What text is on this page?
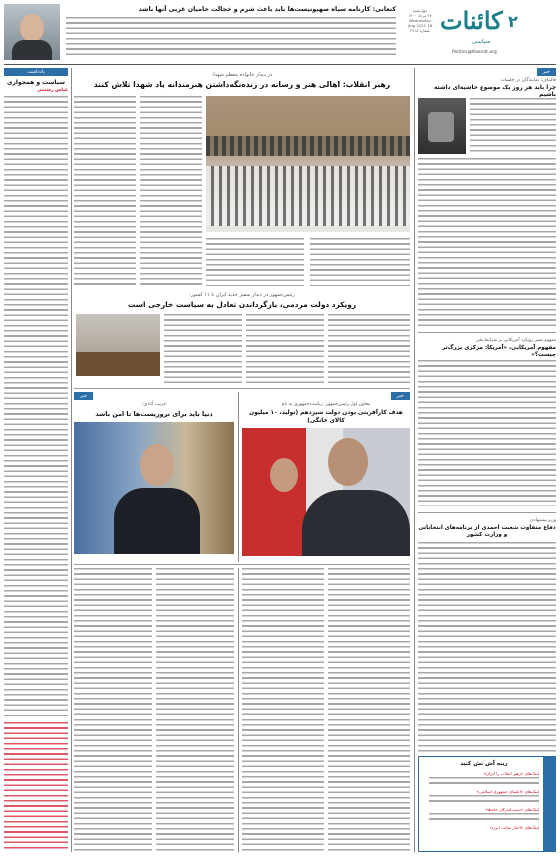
کنعانی: کارنامه سیاه صهیونیست‌ها باید باعث شرم و خجالت حامیان غربی آنها باشد
۲
کائنات
سیاسی
Politics@Kaenat.org
چهارشنبه
۲۷ مرداد ۱۴۰۰
Wednesday
18 Aug 2021
شماره ۲۷۱۸
یادداشت
سیاست و همجواری
عباس رستمی
در دیدار خانواده معظم شهدا:
رهبر انقلاب: اهالی هنر و رسانه در زنده‌نگه‌داشتن هنرمندانه یاد شهدا تلاش کنند
رئیس‌جمهور در دیدار سفیر جدید ایران با ۱۱ کشور:
رویکرد دولت مردمی، بازگرداندن تعادل به سیاست خارجی است
خبر
غریب آبادی:
دنیا باید برای تروریست‌ها تا امن باشد
خبر
معاون اول رئیس‌جمهور: ریاست‌جمهوری به نام
هدف کارآفرینی بودن دولت سیزدهم (تولید، ۱۰ میلیون کالای خانگی)
خبر
قالیباف: نمایندگان در جلسات
چرا باید هر روز یک موضوع حاشیه‌ای داشته باشیم
مفهوم تغییر رویکرد آمریکایی بر شرایط ملی
مفهوم آمریکایی، «آمریکا: مرکزی بزرگ‌تر چیست؟»
وزیر پیشنهادی
دفاع متفاوت شعبت احمدی از برنامه‌های انتخاباتی و وزارت کشور
ربنه آش نش کنید
لینک‌های «رهبر انقلاب را ایران»
لینک‌های «اعضای جمهوری اسلامی»
لینک‌های «دست‌اندرکار خانه‌ها»
لینک‌های «اخبار سایت ایرن»
